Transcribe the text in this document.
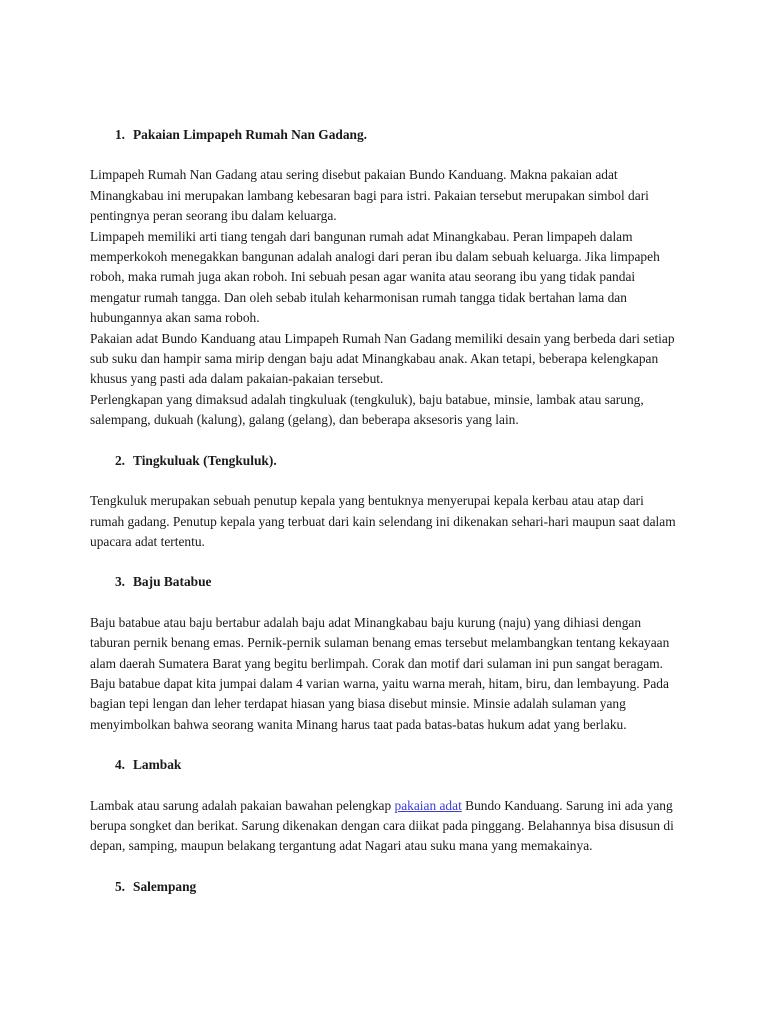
1. Pakaian Limpapeh Rumah Nan Gadang.

Limpapeh Rumah Nan Gadang atau sering disebut pakaian Bundo Kanduang. Makna pakaian adat Minangkabau ini merupakan lambang kebesaran bagi para istri. Pakaian tersebut merupakan simbol dari pentingnya peran seorang ibu dalam keluarga.

Limpapeh memiliki arti tiang tengah dari bangunan rumah adat Minangkabau. Peran limpapeh dalam memperkokoh menegakkan bangunan adalah analogi dari peran ibu dalam sebuah keluarga. Jika limpapeh roboh, maka rumah juga akan roboh. Ini sebuah pesan agar wanita atau seorang ibu yang tidak pandai mengatur rumah tangga. Dan oleh sebab itulah keharmonisan rumah tangga tidak bertahan lama dan hubungannya akan sama roboh.

Pakaian adat Bundo Kanduang atau Limpapeh Rumah Nan Gadang memiliki desain yang berbeda dari setiap sub suku dan hampir sama mirip dengan baju adat Minangkabau anak. Akan tetapi, beberapa kelengkapan khusus yang pasti ada dalam pakaian-pakaian tersebut.

Perlengkapan yang dimaksud adalah tingkuluak (tengkuluk), baju batabue, minsie, lambak atau sarung, salempang, dukuah (kalung), galang (gelang), dan beberapa aksesoris yang lain.

2. Tingkuluak (Tengkuluk).

Tengkuluk merupakan sebuah penutup kepala yang bentuknya menyerupai kepala kerbau atau atap dari rumah gadang. Penutup kepala yang terbuat dari kain selendang ini dikenakan sehari-hari maupun saat dalam upacara adat tertentu.

3. Baju Batabue

Baju batabue atau baju bertabur adalah baju adat Minangkabau baju kurung (naju) yang dihiasi dengan taburan pernik benang emas. Pernik-pernik sulaman benang emas tersebut melambangkan tentang kekayaan alam daerah Sumatera Barat yang begitu berlimpah. Corak dan motif dari sulaman ini pun sangat beragam.

Baju batabue dapat kita jumpai dalam 4 varian warna, yaitu warna merah, hitam, biru, dan lembayung. Pada bagian tepi lengan dan leher terdapat hiasan yang biasa disebut minsie. Minsie adalah sulaman yang menyimbolkan bahwa seorang wanita Minang harus taat pada batas-batas hukum adat yang berlaku.

4. Lambak

Lambak atau sarung adalah pakaian bawahan pelengkap pakaian adat Bundo Kanduang. Sarung ini ada yang berupa songket dan berikat. Sarung dikenakan dengan cara diikat pada pinggang. Belahannya bisa disusun di depan, samping, maupun belakang tergantung adat Nagari atau suku mana yang memakainya.

5. Salempang
